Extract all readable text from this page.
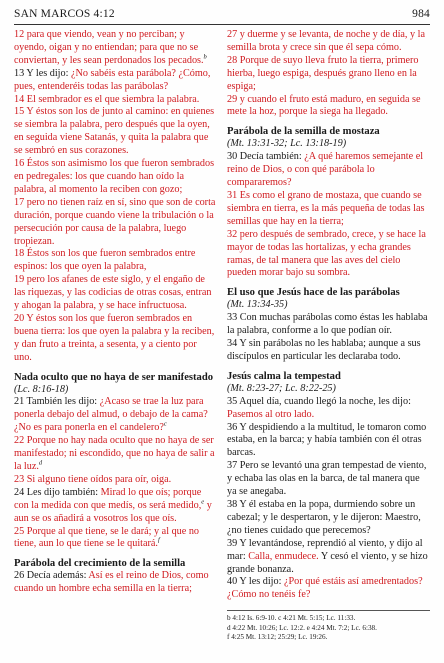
SAN MARCOS 4:12	984

12 para que viendo, vean y no perciban; y oyendo, oigan y no entiendan; para que no se conviertan, y les sean perdonados los pecados.$^b$

13 Y les dijo: ¿No sabéis esta parábola? ¿Cómo, pues, entenderéis todas las parábolas?

14 El sembrador es el que siembra la palabra.

15 Y éstos son los de junto al camino: en quienes se siembra la palabra, pero después que la oyen, en seguida viene Satanás, y quita la palabra que se sembró en sus corazones.

16 Éstos son asimismo los que fueron sembrados en pedregales: los que cuando han oído la palabra, al momento la reciben con gozo;

17 pero no tienen raíz en sí, sino que son de corta duración, porque cuando viene la tribulación o la persecución por causa de la palabra, luego tropiezan.

18 Éstos son los que fueron sembrados entre espinos: los que oyen la palabra,

19 pero los afanes de este siglo, y el engaño de las riquezas, y las codicias de otras cosas, entran y ahogan la palabra, y se hace infructuosa.

20 Y éstos son los que fueron sembrados en buena tierra: los que oyen la palabra y la reciben, y dan fruto a treinta, a sesenta, y a ciento por uno.

Nada oculto que no haya de ser manifestado
(Lc. 8:16-18)

21 También les dijo: ¿Acaso se trae la luz para ponerla debajo del almud, o debajo de la cama? ¿No es para ponerla en el candelero?$^c$

22 Porque no hay nada oculto que no haya de ser manifestado; ni escondido, que no haya de salir a la luz.$^d$

23 Si alguno tiene oídos para oír, oiga.

24 Les dijo también: Mirad lo que oís; porque con la medida con que medís, os será medido,$^e$ y aun se os añadirá a vosotros los que oís.

25 Porque al que tiene, se le dará; y al que no tiene, aun lo que tiene se le quitará.$^f$

Parábola del crecimiento de la semilla

26 Decía además: Así es el reino de Dios, como cuando un hombre echa semilla en la tierra;

27 y duerme y se levanta, de noche y de día, y la semilla brota y crece sin que él sepa cómo.

28 Porque de suyo lleva fruto la tierra, primero hierba, luego espiga, después grano lleno en la espiga;

29 y cuando el fruto está maduro, en seguida se mete la hoz, porque la siega ha llegado.

Parábola de la semilla de mostaza
(Mt. 13:31-32; Lc. 13:18-19)

30 Decía también: ¿A qué haremos semejante el reino de Dios, o con qué parábola lo compararemos?

31 Es como el grano de mostaza, que cuando se siembra en tierra, es la más pequeña de todas las semillas que hay en la tierra;

32 pero después de sembrado, crece, y se hace la mayor de todas las hortalizas, y echa grandes ramas, de tal manera que las aves del cielo pueden morar bajo su sombra.

El uso que Jesús hace de las parábolas
(Mt. 13:34-35)

33 Con muchas parábolas como éstas les hablaba la palabra, conforme a lo que podían oír.

34 Y sin parábolas no les hablaba; aunque a sus discípulos en particular les declaraba todo.

Jesús calma la tempestad
(Mt. 8:23-27; Lc. 8:22-25)

35 Aquel día, cuando llegó la noche, les dijo: Pasemos al otro lado.

36 Y despidiendo a la multitud, le tomaron como estaba, en la barca; y había también con él otras barcas.

37 Pero se levantó una gran tempestad de viento, y echaba las olas en la barca, de tal manera que ya se anegaba.

38 Y él estaba en la popa, durmiendo sobre un cabezal; y le despertaron, y le dijeron: Maestro, ¿no tienes cuidado que perecemos?

39 Y levantándose, reprendió al viento, y dijo al mar: Calla, enmudece. Y cesó el viento, y se hizo grande bonanza.

40 Y les dijo: ¿Por qué estáis así amedrentados? ¿Cómo no tenéis fe?

b 4:12 Is. 6:9-10. c 4:21 Mt. 5:15; Lc. 11:33.
d 4:22 Mt. 10:26; Lc. 12:2. e 4:24 Mt. 7:2; Lc. 6:38.
f 4:25 Mt. 13:12; 25:29; Lc. 19:26.
